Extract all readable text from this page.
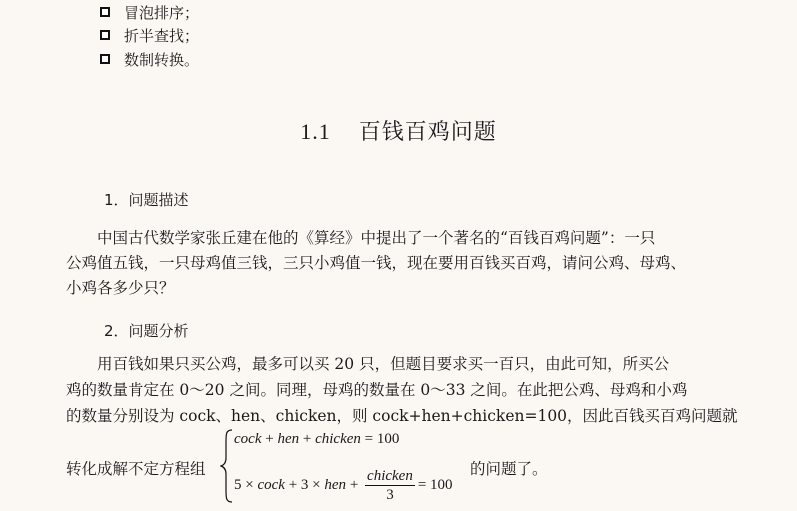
冒泡排序；
折半查找；
数制转换。
1.1 百钱百鸡问题
1．问题描述
　　中国古代数学家张丘建在他的《算经》中提出了一个著名的“百钱百鸡问题”：一只
公鸡值五钱，一只母鸡值三钱，三只小鸡值一钱，现在要用百钱买百鸡，请问公鸡、母鸡、
小鸡各多少只？
2．问题分析
　　用百钱如果只买公鸡，最多可以买 20 只，但题目要求买一百只，由此可知，所买公
鸡的数量肯定在 0～20 之间。同理，母鸡的数量在 0～33 之间。在此把公鸡、母鸡和小鸡
的数量分别设为 cock、hen、chicken，则 cock+hen+chicken=100，因此百钱买百鸡问题就
转化成解不定方程组
cock + hen + chicken = 100
5 × cock + 3 × hen + $\frac{\text{chicken}}{3} = 100$
的问题了。
